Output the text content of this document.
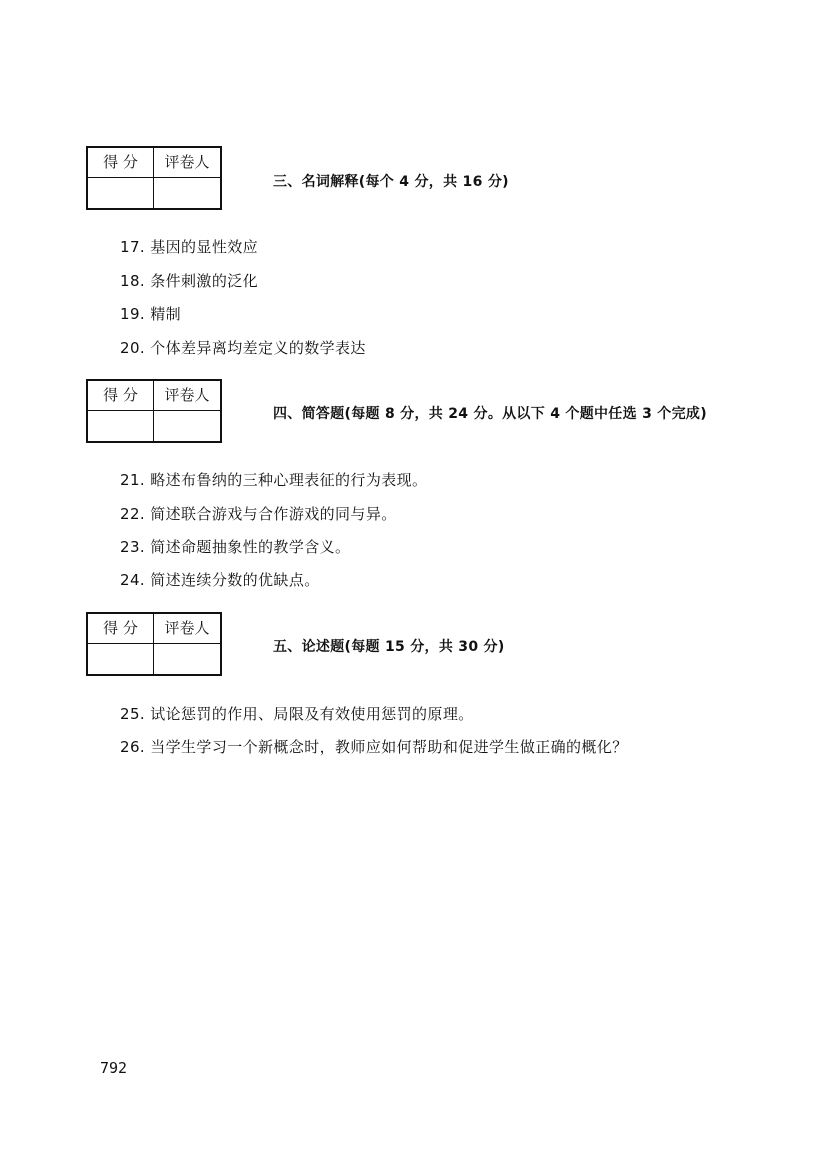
得 分	评卷人
三、名词解释(每个 4 分，共 16 分)
17. 基因的显性效应
18. 条件刺激的泛化
19. 精制
20. 个体差异离均差定义的数学表达
得 分	评卷人
四、简答题(每题 8 分，共 24 分。从以下 4 个题中任选 3 个完成)
21. 略述布鲁纳的三种心理表征的行为表现。
22. 简述联合游戏与合作游戏的同与异。
23. 简述命题抽象性的教学含义。
24. 简述连续分数的优缺点。
得 分	评卷人
五、论述题(每题 15 分，共 30 分)
25. 试论惩罚的作用、局限及有效使用惩罚的原理。
26. 当学生学习一个新概念时，教师应如何帮助和促进学生做正确的概化？
792
